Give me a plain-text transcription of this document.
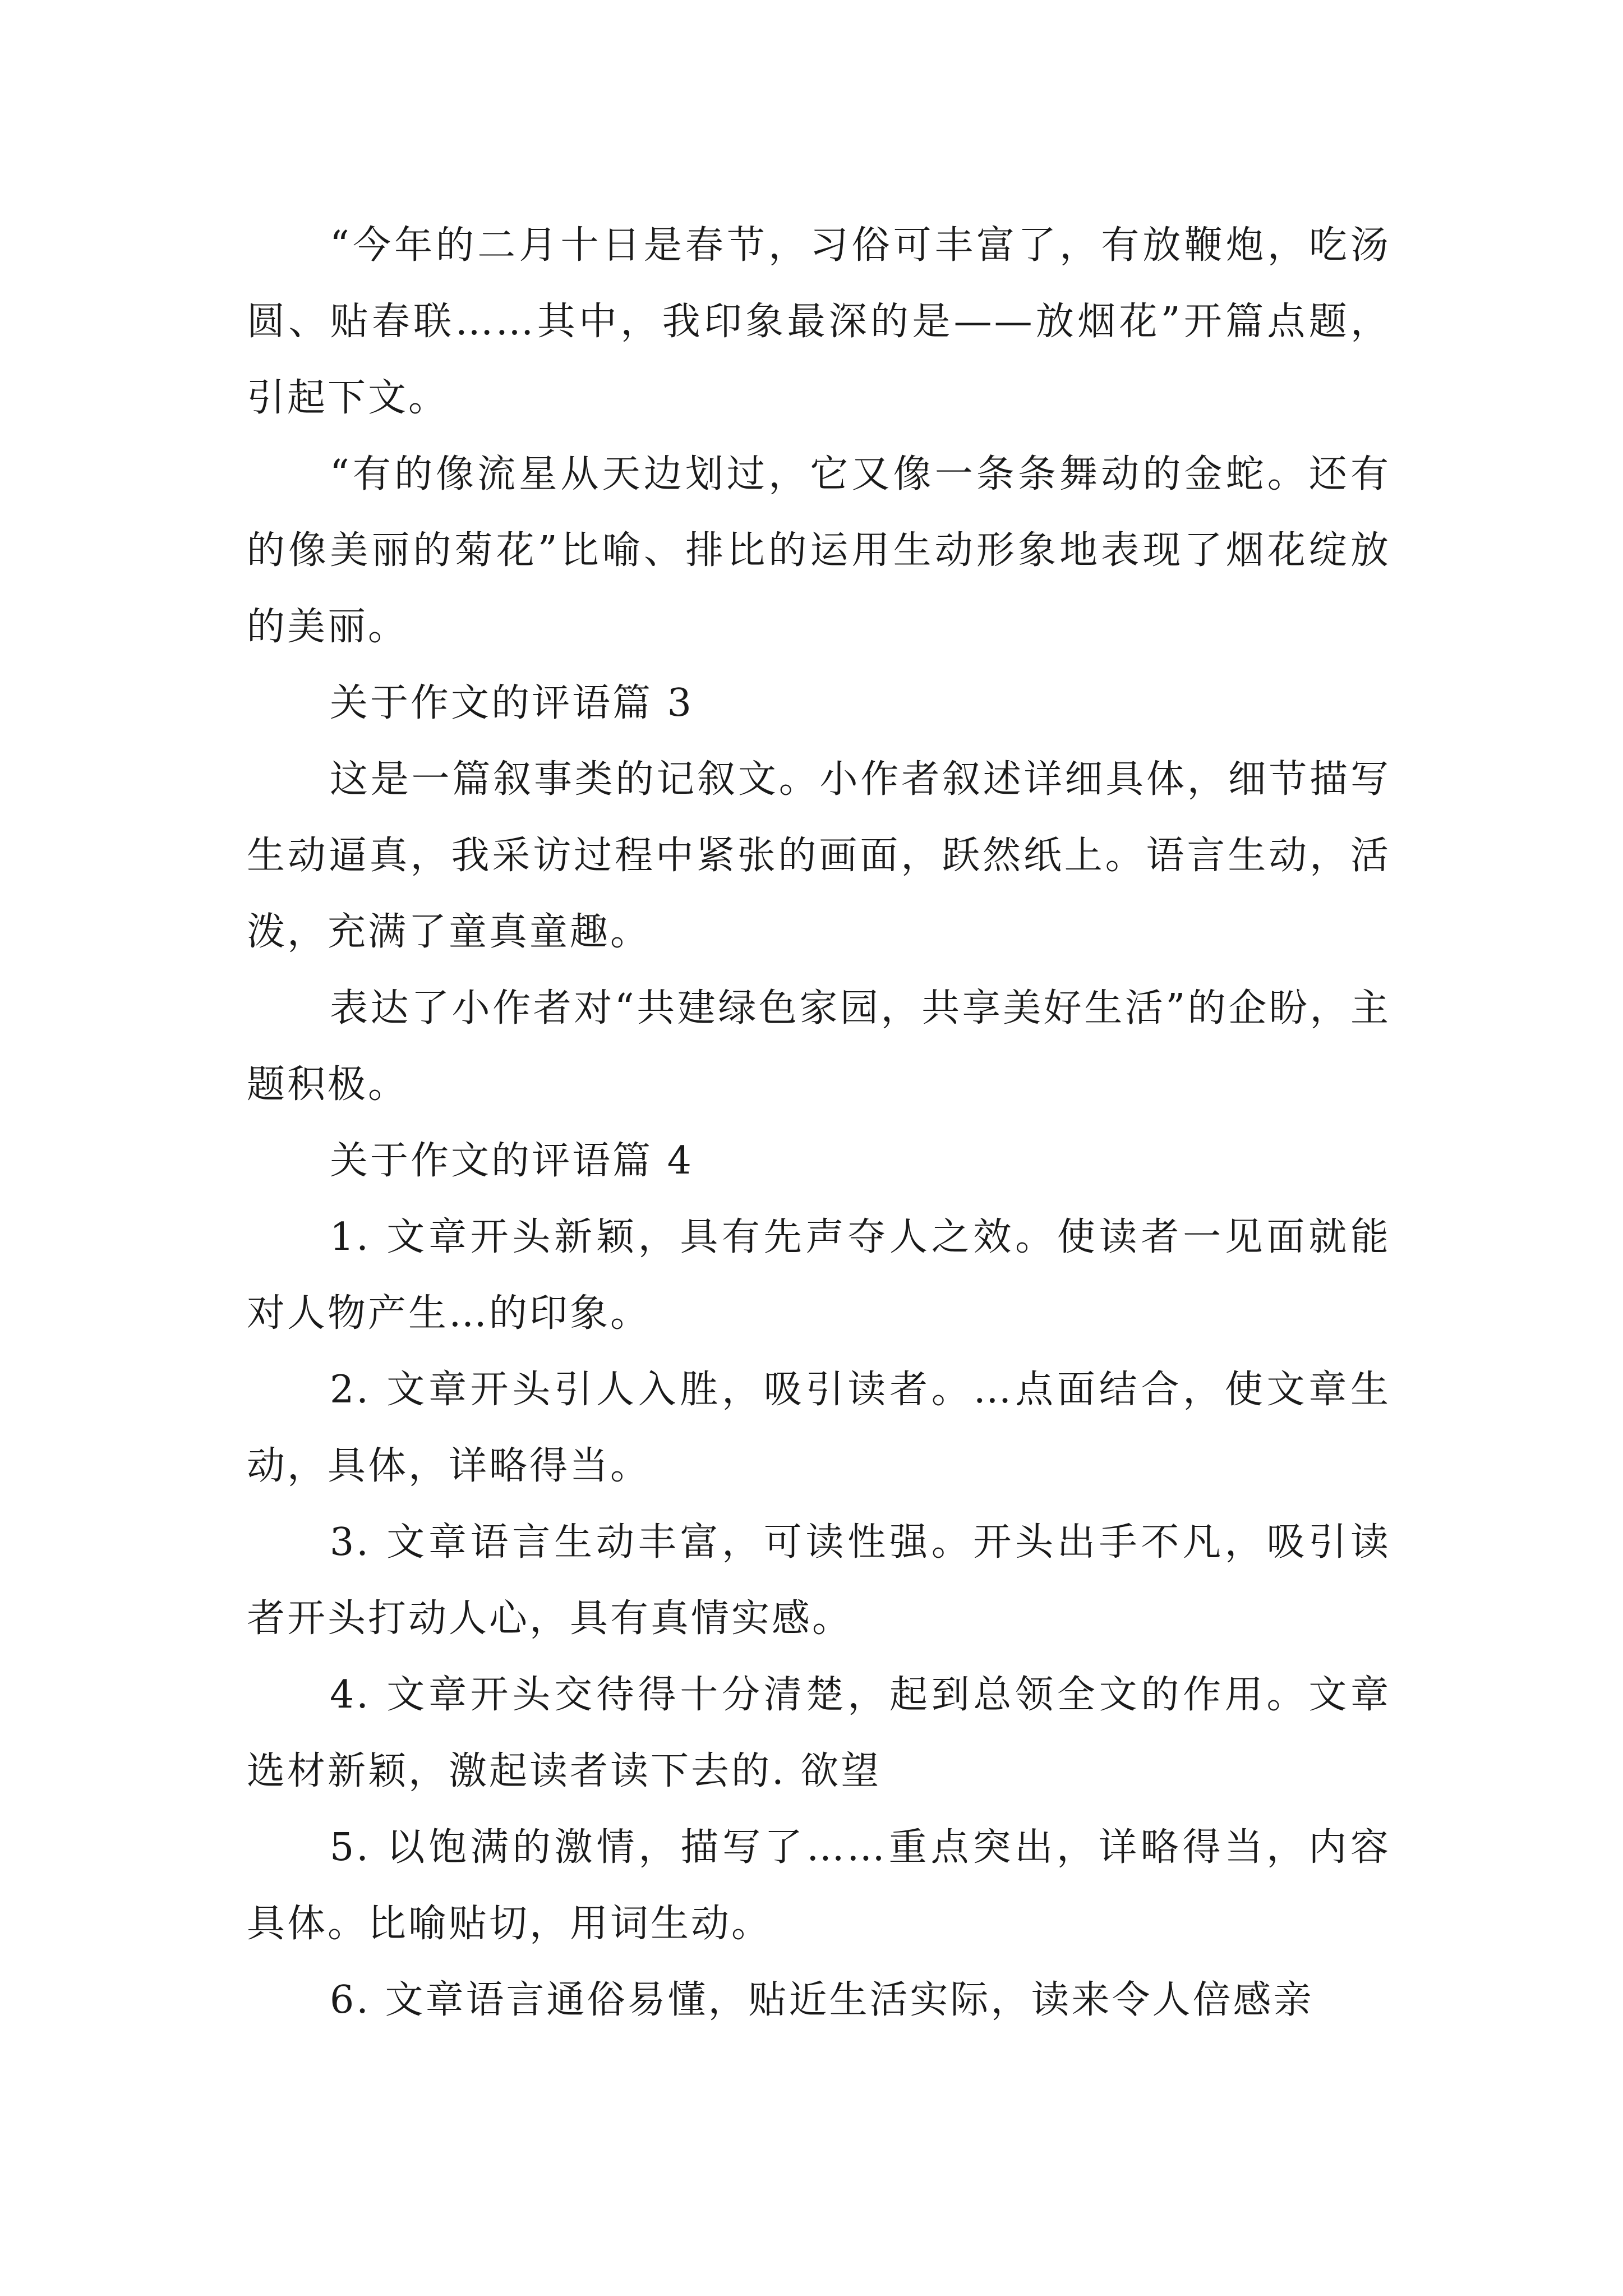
“今年的二月十日是春节，习俗可丰富了，有放鞭炮，吃汤圆、贴春联……其中，我印象最深的是——放烟花”开篇点题，引起下文。

“有的像流星从天边划过，它又像一条条舞动的金蛇。还有的像美丽的菊花”比喻、排比的运用生动形象地表现了烟花绽放的美丽。

关于作文的评语篇 3

这是一篇叙事类的记叙文。小作者叙述详细具体，细节描写生动逼真，我采访过程中紧张的画面，跃然纸上。语言生动，活泼，充满了童真童趣。

表达了小作者对“共建绿色家园，共享美好生活”的企盼，主题积极。

关于作文的评语篇 4

1. 文章开头新颖，具有先声夺人之效。使读者一见面就能对人物产生…的印象。

2. 文章开头引人入胜，吸引读者。…点面结合，使文章生动，具体，详略得当。

3. 文章语言生动丰富，可读性强。开头出手不凡，吸引读者开头打动人心，具有真情实感。

4. 文章开头交待得十分清楚，起到总领全文的作用。文章选材新颖，激起读者读下去的. 欲望

5. 以饱满的激情，描写了……重点突出，详略得当，内容具体。比喻贴切，用词生动。

6. 文章语言通俗易懂，贴近生活实际，读来令人倍感亲
